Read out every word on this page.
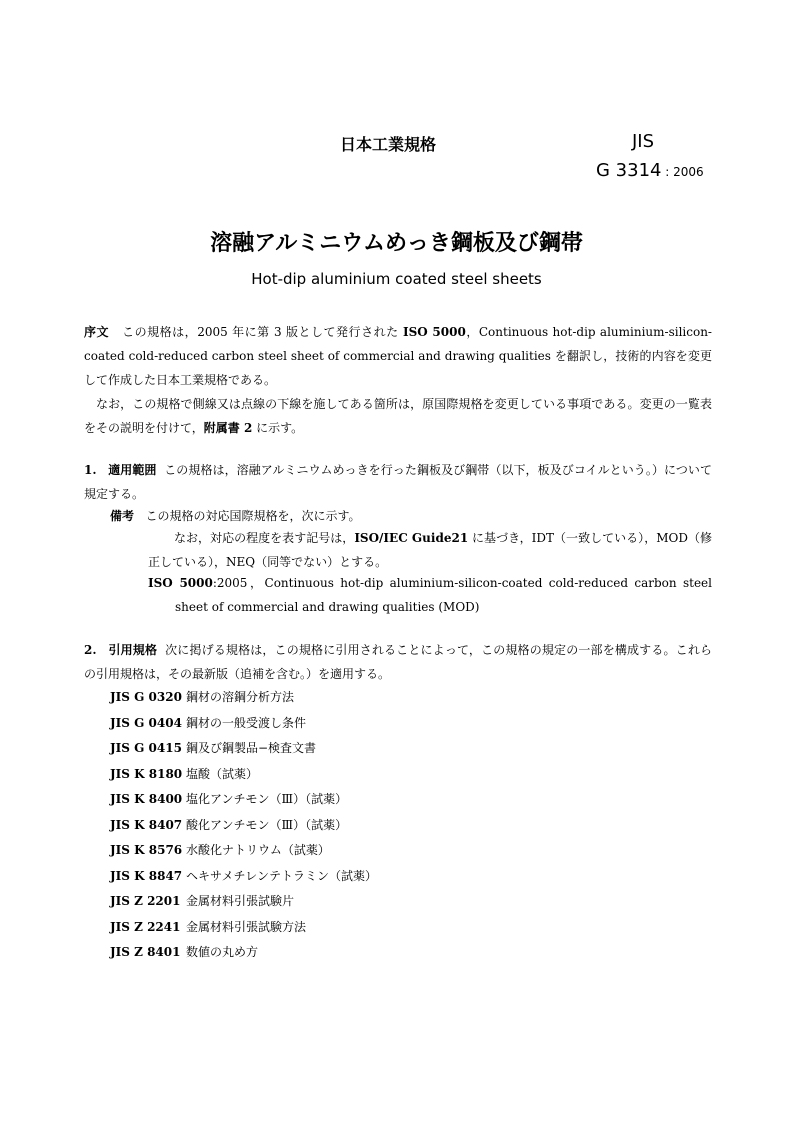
日本工業規格	JIS
G 3314 : 2006
溶融アルミニウムめっき鋼板及び鋼帯
Hot-dip aluminium coated steel sheets
序文 この規格は，2005 年に第 3 版として発行された ISO 5000，Continuous hot-dip aluminium-silicon-coated cold-reduced carbon steel sheet of commercial and drawing qualities を翻訳し，技術的内容を変更して作成した日本工業規格である。
なお，この規格で側線又は点線の下線を施してある箇所は，原国際規格を変更している事項である。変更の一覧表をその説明を付けて，附属書 2 に示す。
1. 適用範囲 この規格は，溶融アルミニウムめっきを行った鋼板及び鋼帯（以下，板及びコイルという。）について規定する。
備考 この規格の対応国際規格を，次に示す。
なお，対応の程度を表す記号は，ISO/IEC Guide21 に基づき，IDT（一致している），MOD（修正している），NEQ（同等でない）とする。
ISO 5000:2005，Continuous hot-dip aluminium-silicon-coated cold-reduced carbon steel sheet of commercial and drawing qualities (MOD)
2. 引用規格 次に掲げる規格は，この規格に引用されることによって，この規格の規定の一部を構成する。これらの引用規格は，その最新版（追補を含む。）を適用する。
JIS G 0320 鋼材の溶鋼分析方法
JIS G 0404 鋼材の一般受渡し条件
JIS G 0415 鋼及び鋼製品−検査文書
JIS K 8180 塩酸（試薬）
JIS K 8400 塩化アンチモン（Ⅲ）（試薬）
JIS K 8407 酸化アンチモン（Ⅲ）（試薬）
JIS K 8576 水酸化ナトリウム（試薬）
JIS K 8847 ヘキサメチレンテトラミン（試薬）
JIS Z 2201 金属材料引張試験片
JIS Z 2241 金属材料引張試験方法
JIS Z 8401 数値の丸め方
